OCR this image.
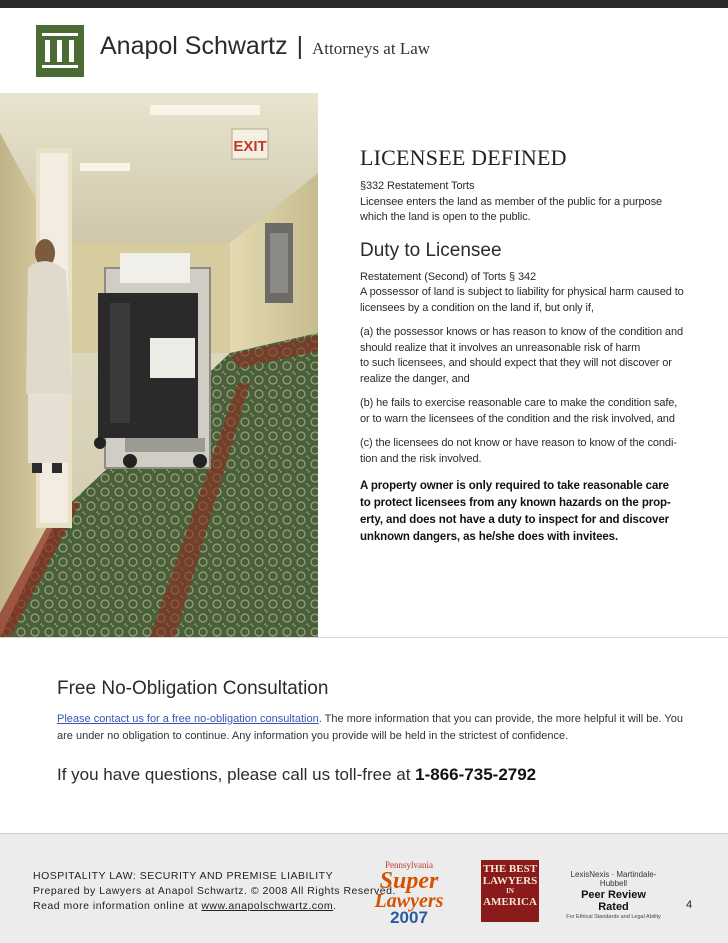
Anapol Schwartz | Attorneys at Law
EXIT	LICENSEE DEFINED
§332 Restatement Torts
Licensee enters the land as member of the public for a purpose
which the land is open to the public.
Duty to Licensee
Restatement (Second) of Torts § 342
A possessor of land is subject to liability for physical harm caused to
licensees by a condition on the land if, but only if,
(a) the possessor knows or has reason to know of the condition and
should realize that it involves an unreasonable risk of harm
to such licensees, and should expect that they will not discover or
realize the danger, and
(b) he fails to exercise reasonable care to make the condition safe,
or to warn the licensees of the condition and the risk involved, and
(c) the licensees do not know or have reason to know of the condi-
tion and the risk involved.
A property owner is only required to take reasonable care
to protect licensees from any known hazards on the prop-
erty, and does not have a duty to inspect for and discover
unknown dangers, as he/she does with invitees.
Free No-Obligation Consultation
Please contact us for a free no-obligation consultation. The more information that you can provide, the more helpful it will be. You
are under no obligation to continue. Any information you provide will be held in the strictest of confidence.
If you have questions, please call us toll-free at 1-866-735-2792
HOSPITALITY LAW: SECURITY AND PREMISE LIABILITY
Prepared by Lawyers at Anapol Schwartz. © 2008 All Rights Reserved.
Read more information online at www.anapolschwartz.com.
Pennsylvania
Super
Lawyers
2007
THE BEST
LAWYERS
IN
AMERICA
LexisNexis · Martindale-Hubbell
Peer Review Rated
For Ethical Standards and Legal Ability
4
